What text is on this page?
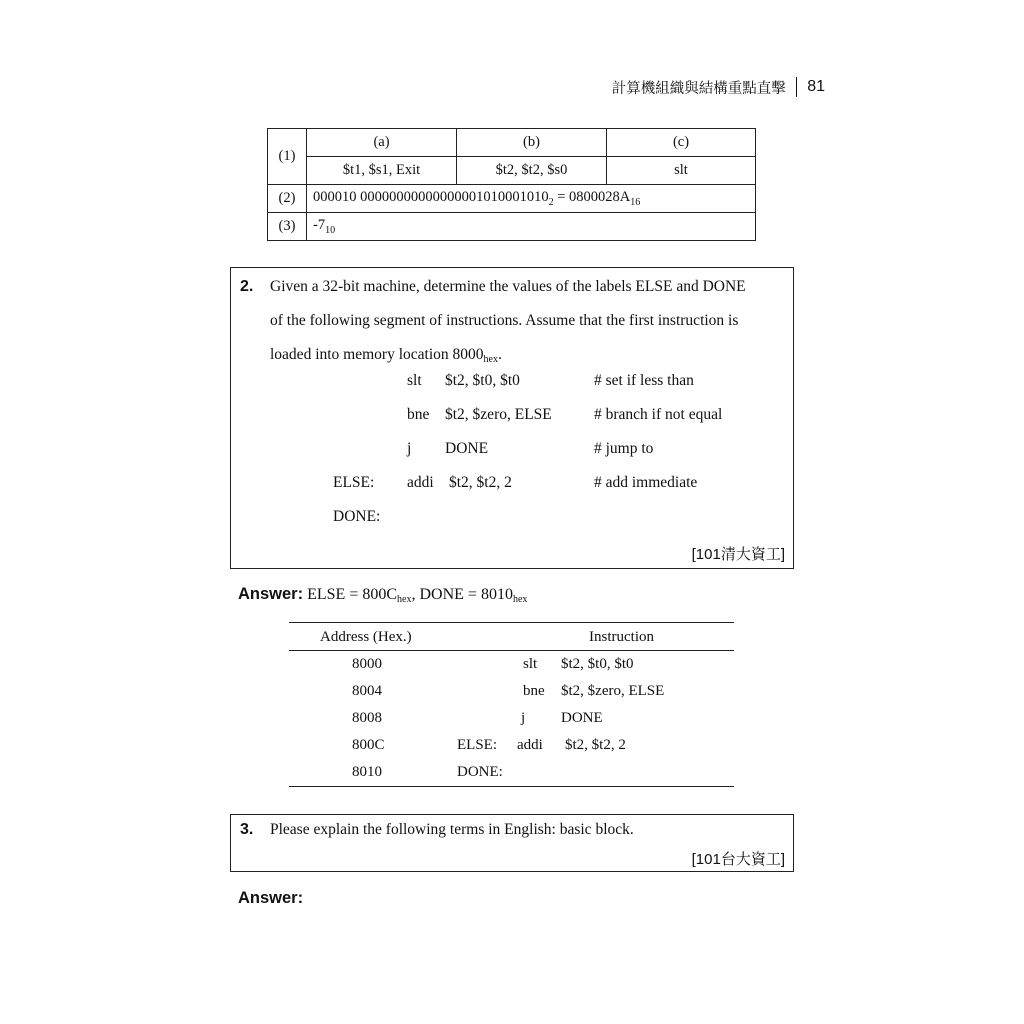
計算機組織與結構重點直擊 81
(1)	(a)	(b)	(c)
	$t1, $s1, Exit	$t2, $t2, $s0	slt
(2)	000010 $00000000000000001010001010_2 = 0800028A_{16}$
(3)	$-7_{10}$
2. Given a 32-bit machine, determine the values of the labels ELSE and DONE
of the following segment of instructions. Assume that the first instruction is
loaded into memory location $8000_{hex}$.
slt $t2, $t0, $t0	# set if less than
bne $t2, $zero, ELSE	# branch if not equal
j DONE	# jump to
ELSE: addi $t2, $t2, 2	# add immediate
DONE:
[101清大資工]
Answer: ELSE = $800C_{hex}$, DONE = $8010_{hex}$
Address (Hex.)	Instruction
8000	slt $t2, $t0, $t0
8004	bne $t2, $zero, ELSE
8008	j DONE
800C	ELSE: addi $t2, $t2, 2
8010	DONE:
3. Please explain the following terms in English: basic block.
[101台大資工]
Answer:
